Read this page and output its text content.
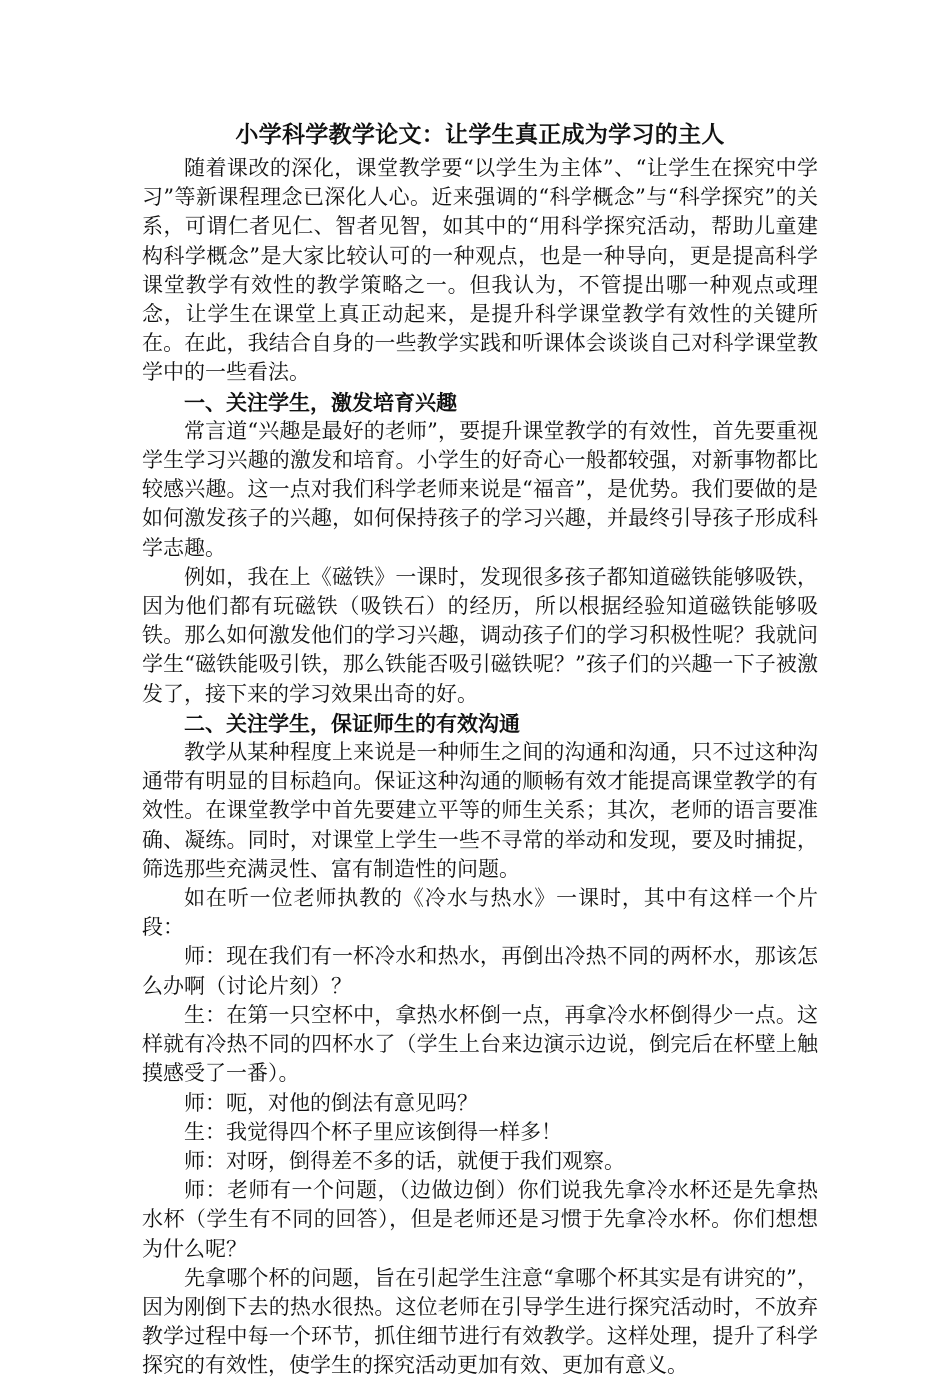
小学科学教学论文：让学生真正成为学习的主人

随着课改的深化，课堂教学要“以学生为主体”、“让学生在探究中学习”等新课程理念已深化人心。近来强调的“科学概念”与“科学探究”的关系，可谓仁者见仁、智者见智，如其中的“用科学探究活动，帮助儿童建构科学概念”是大家比较认可的一种观点，也是一种导向，更是提高科学课堂教学有效性的教学策略之一。但我认为，不管提出哪一种观点或理念，让学生在课堂上真正动起来，是提升科学课堂教学有效性的关键所在。在此，我结合自身的一些教学实践和听课体会谈谈自己对科学课堂教学中的一些看法。

一、关注学生，激发培育兴趣

常言道“兴趣是最好的老师”，要提升课堂教学的有效性，首先要重视学生学习兴趣的激发和培育。小学生的好奇心一般都较强，对新事物都比较感兴趣。这一点对我们科学老师来说是“福音”，是优势。我们要做的是如何激发孩子的兴趣，如何保持孩子的学习兴趣，并最终引导孩子形成科学志趣。

例如，我在上《磁铁》一课时，发现很多孩子都知道磁铁能够吸铁，因为他们都有玩磁铁（吸铁石）的经历，所以根据经验知道磁铁能够吸铁。那么如何激发他们的学习兴趣，调动孩子们的学习积极性呢？我就问学生“磁铁能吸引铁，那么铁能否吸引磁铁呢？”孩子们的兴趣一下子被激发了，接下来的学习效果出奇的好。

二、关注学生，保证师生的有效沟通

教学从某种程度上来说是一种师生之间的沟通和沟通，只不过这种沟通带有明显的目标趋向。保证这种沟通的顺畅有效才能提高课堂教学的有效性。在课堂教学中首先要建立平等的师生关系；其次，老师的语言要准确、凝练。同时，对课堂上学生一些不寻常的举动和发现，要及时捕捉，筛选那些充满灵性、富有制造性的问题。

如在听一位老师执教的《冷水与热水》一课时，其中有这样一个片段：

师：现在我们有一杯冷水和热水，再倒出冷热不同的两杯水，那该怎么办啊（讨论片刻）？

生：在第一只空杯中，拿热水杯倒一点，再拿冷水杯倒得少一点。这样就有冷热不同的四杯水了（学生上台来边演示边说，倒完后在杯壁上触摸感受了一番）。

师：呃，对他的倒法有意见吗？

生：我觉得四个杯子里应该倒得一样多！

师：对呀，倒得差不多的话，就便于我们观察。

师：老师有一个问题，（边做边倒）你们说我先拿冷水杯还是先拿热水杯（学生有不同的回答），但是老师还是习惯于先拿冷水杯。你们想想为什么呢？

先拿哪个杯的问题，旨在引起学生注意“拿哪个杯其实是有讲究的”，因为刚倒下去的热水很热。这位老师在引导学生进行探究活动时，不放弃教学过程中每一个环节，抓住细节进行有效教学。这样处理，提升了科学探究的有效性，使学生的探究活动更加有效、更加有意义。
